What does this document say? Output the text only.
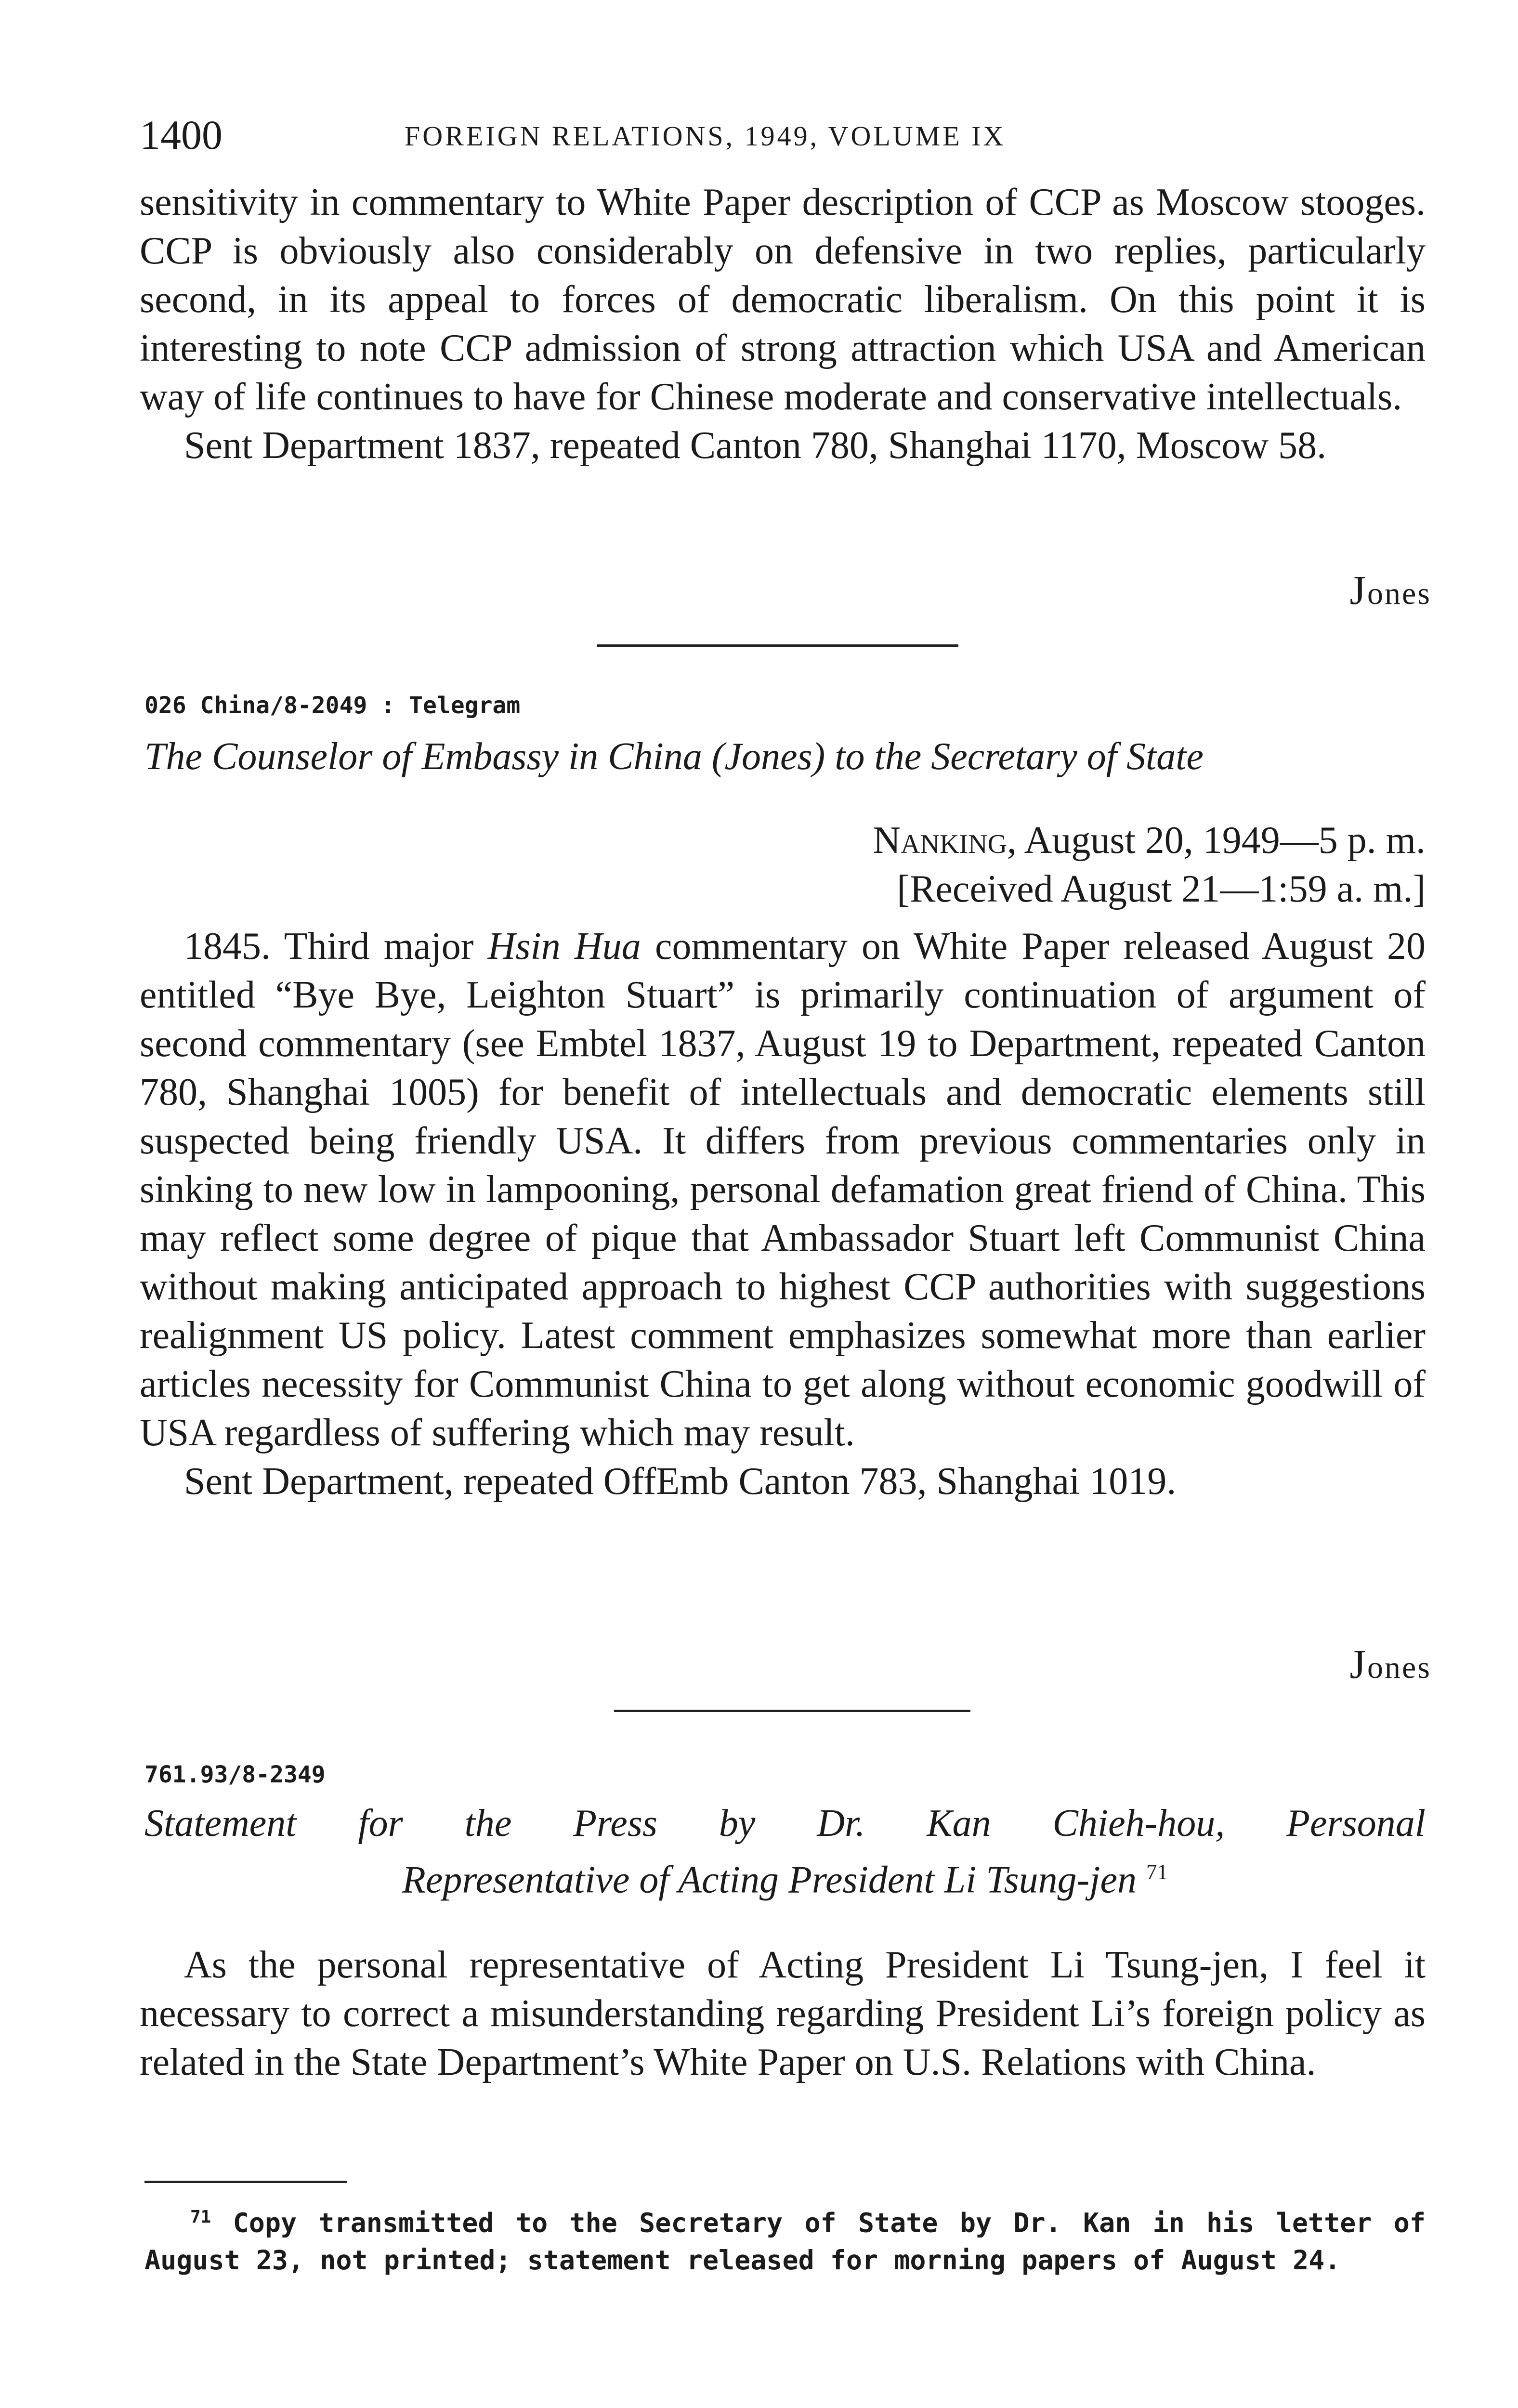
1400	FOREIGN RELATIONS, 1949, VOLUME IX

sensitivity in commentary to White Paper description of CCP as Moscow stooges. CCP is obviously also considerably on defensive in two replies, particularly second, in its appeal to forces of democratic liberalism. On this point it is interesting to note CCP admission of strong attraction which USA and American way of life continues to have for Chinese moderate and conservative intellectuals.

Sent Department 1837, repeated Canton 780, Shanghai 1170, Moscow 58.

Jones
026 China/8-2049 : Telegram
The Counselor of Embassy in China (Jones) to the Secretary of State
Nanking, August 20, 1949—5 p. m.
[Received August 21—1:59 a. m.]

1845. Third major Hsin Hua commentary on White Paper released August 20 entitled “Bye Bye, Leighton Stuart” is primarily continuation of argument of second commentary (see Embtel 1837, August 19 to Department, repeated Canton 780, Shanghai 1005) for benefit of intellectuals and democratic elements still suspected being friendly USA. It differs from previous commentaries only in sinking to new low in lampooning, personal defamation great friend of China. This may reflect some degree of pique that Ambassador Stuart left Communist China without making anticipated approach to highest CCP authorities with suggestions realignment US policy. Latest comment emphasizes somewhat more than earlier articles necessity for Communist China to get along without economic goodwill of USA regardless of suffering which may result.

Sent Department, repeated OffEmb Canton 783, Shanghai 1019.

Jones
761.93/8-2349
Statement for the Press by Dr. Kan Chieh-hou, Personal
Representative of Acting President Li Tsung-jen $^{71}$

As the personal representative of Acting President Li Tsung-jen, I feel it necessary to correct a misunderstanding regarding President Li’s foreign policy as related in the State Department’s White Paper on U.S. Relations with China.

$^{71}$ Copy transmitted to the Secretary of State by Dr. Kan in his letter of August 23, not printed; statement released for morning papers of August 24.
